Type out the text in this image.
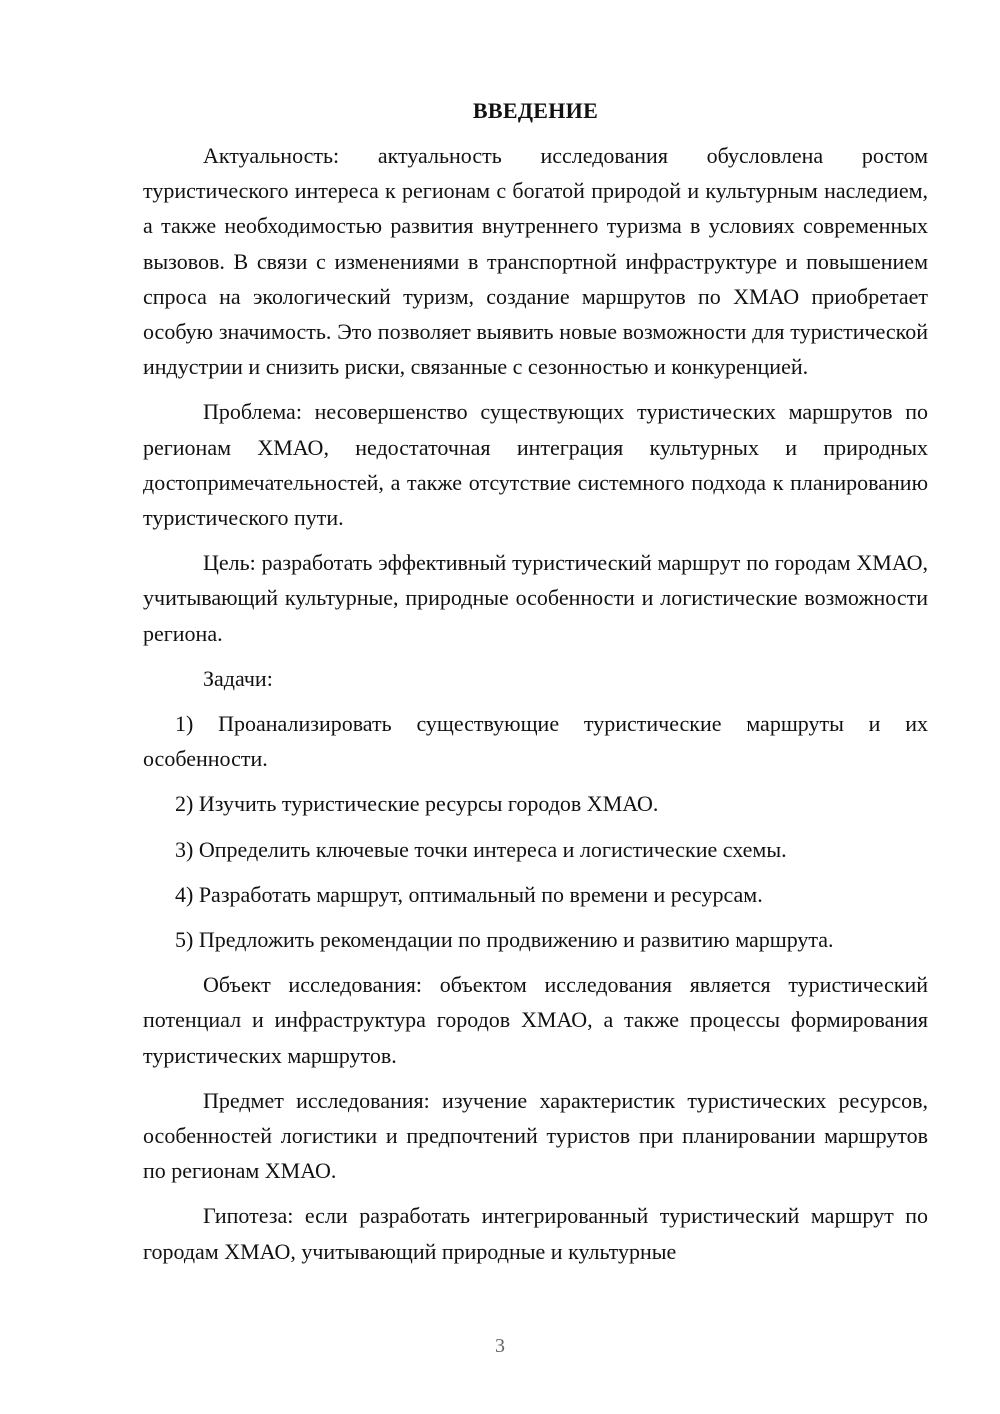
ВВЕДЕНИЕ

Актуальность: актуальность исследования обусловлена ростом туристического интереса к регионам с богатой природой и культурным наследием, а также необходимостью развития внутреннего туризма в условиях современных вызовов. В связи с изменениями в транспортной инфраструктуре и повышением спроса на экологический туризм, создание маршрутов по ХМАО приобретает особую значимость. Это позволяет выявить новые возможности для туристической индустрии и снизить риски, связанные с сезонностью и конкуренцией.

Проблема: несовершенство существующих туристических маршрутов по регионам ХМАО, недостаточная интеграция культурных и природных достопримечательностей, а также отсутствие системного подхода к планированию туристического пути.

Цель: разработать эффективный туристический маршрут по городам ХМАО, учитывающий культурные, природные особенности и логистические возможности региона.

Задачи:

1) Проанализировать существующие туристические маршруты и их особенности.

2) Изучить туристические ресурсы городов ХМАО.

3) Определить ключевые точки интереса и логистические схемы.

4) Разработать маршрут, оптимальный по времени и ресурсам.

5) Предложить рекомендации по продвижению и развитию маршрута.

Объект исследования: объектом исследования является туристический потенциал и инфраструктура городов ХМАО, а также процессы формирования туристических маршрутов.

Предмет исследования: изучение характеристик туристических ресурсов, особенностей логистики и предпочтений туристов при планировании маршрутов по регионам ХМАО.

Гипотеза: если разработать интегрированный туристический маршрут по городам ХМАО, учитывающий природные и культурные

3
